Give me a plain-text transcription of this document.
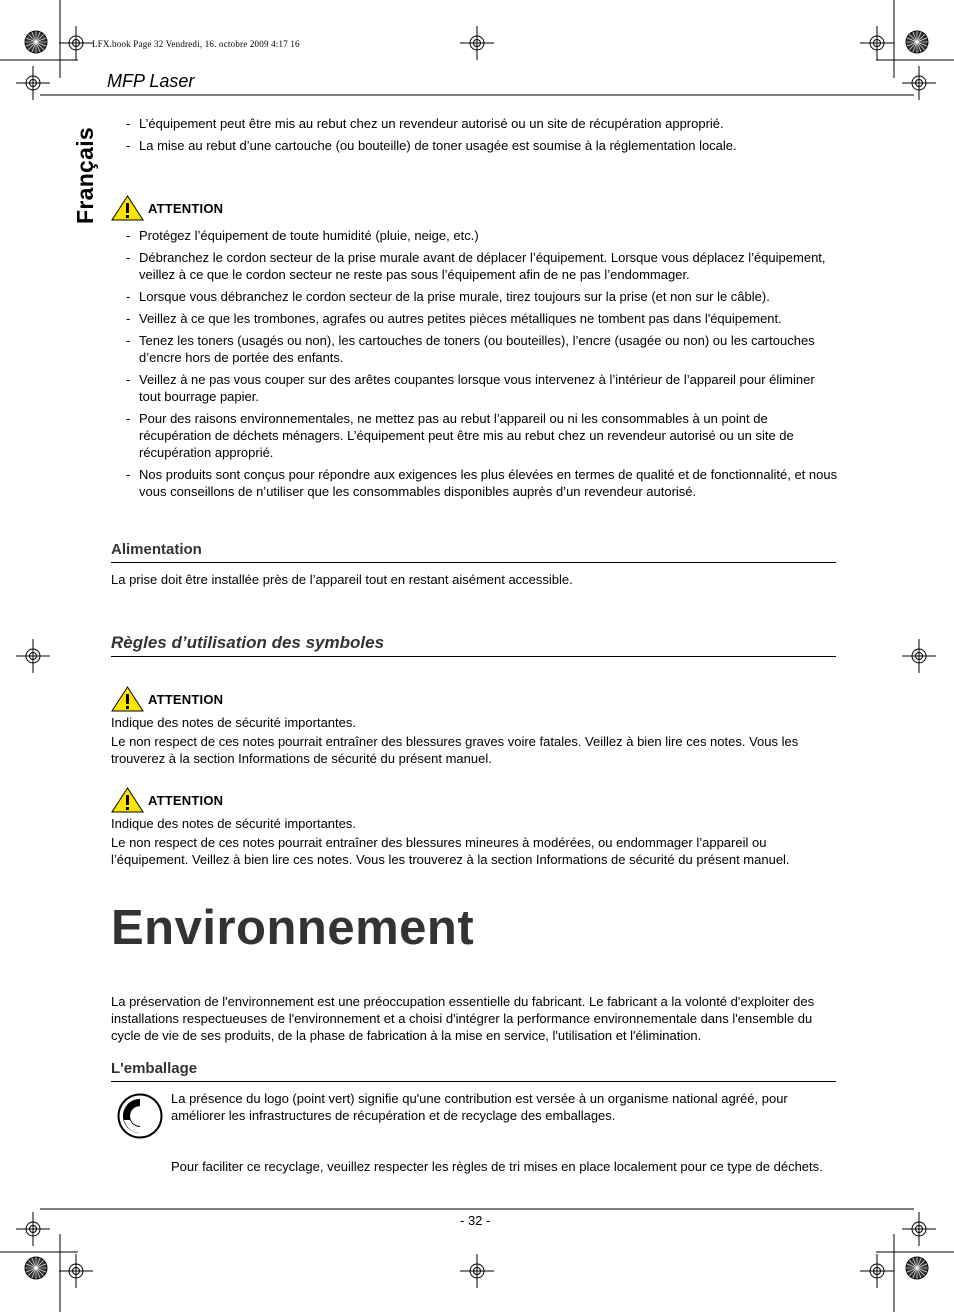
LFX.book Page 32 Vendredi, 16. octobre 2009 4:17 16
MFP Laser
Français
- L’équipement peut être mis au rebut chez un revendeur autorisé ou un site de récupération approprié.
- La mise au rebut d’une cartouche (ou bouteille) de toner usagée est soumise à la réglementation locale.
ATTENTION
- Protégez l’équipement de toute humidité (pluie, neige, etc.)
- Débranchez le cordon secteur de la prise murale avant de déplacer l’équipement. Lorsque vous déplacez l’équipement, veillez à ce que le cordon secteur ne reste pas sous l’équipement afin de ne pas l’endommager.
- Lorsque vous débranchez le cordon secteur de la prise murale, tirez toujours sur la prise (et non sur le câble).
- Veillez à ce que les trombones, agrafes ou autres petites pièces métalliques ne tombent pas dans l'équipement.
- Tenez les toners (usagés ou non), les cartouches de toners (ou bouteilles), l’encre (usagée ou non) ou les cartouches d’encre hors de portée des enfants.
- Veillez à ne pas vous couper sur des arêtes coupantes lorsque vous intervenez à l’intérieur de l’appareil pour éliminer tout bourrage papier.
- Pour des raisons environnementales, ne mettez pas au rebut l’appareil ou ni les consommables à un point de récupération de déchets ménagers. L’équipement peut être mis au rebut chez un revendeur autorisé ou un site de récupération approprié.
- Nos produits sont conçus pour répondre aux exigences les plus élevées en termes de qualité et de fonctionnalité, et nous vous conseillons de n’utiliser que les consommables disponibles auprès d’un revendeur autorisé.
Alimentation
La prise doit être installée près de l’appareil tout en restant aisément accessible.
Règles d’utilisation des symboles
ATTENTION
Indique des notes de sécurité importantes.
Le non respect de ces notes pourrait entraîner des blessures graves voire fatales. Veillez à bien lire ces notes. Vous les trouverez à la section Informations de sécurité du présent manuel.
ATTENTION
Indique des notes de sécurité importantes.
Le non respect de ces notes pourrait entraîner des blessures mineures à modérées, ou endommager l’appareil ou l’équipement. Veillez à bien lire ces notes. Vous les trouverez à la section Informations de sécurité du présent manuel.
Environnement
La préservation de l'environnement est une préoccupation essentielle du fabricant. Le fabricant a la volonté d'exploiter des installations respectueuses de l'environnement et a choisi d'intégrer la performance environnementale dans l'ensemble du cycle de vie de ses produits, de la phase de fabrication à la mise en service, l'utilisation et l'élimination.
L'emballage
La présence du logo (point vert) signifie qu'une contribution est versée à un organisme national agréé, pour améliorer les infrastructures de récupération et de recyclage des emballages.
Pour faciliter ce recyclage, veuillez respecter les règles de tri mises en place localement pour ce type de déchets.
- 32 -
